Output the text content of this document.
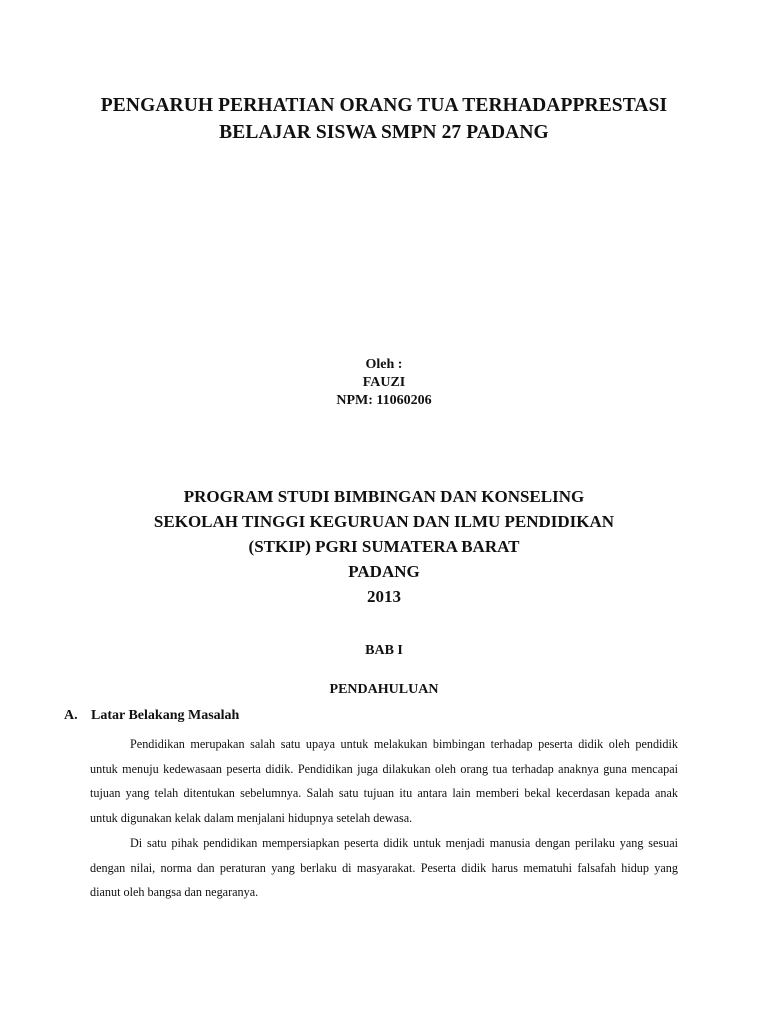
PENGARUH PERHATIAN ORANG TUA TERHADAPPRESTASI
BELAJAR SISWA SMPN 27 PADANG
Oleh :
FAUZI
NPM: 11060206
PROGRAM STUDI BIMBINGAN DAN KONSELING
SEKOLAH TINGGI KEGURUAN DAN ILMU PENDIDIKAN
(STKIP) PGRI SUMATERA BARAT
PADANG
2013
BAB I
PENDAHULUAN
A. Latar Belakang Masalah
Pendidikan merupakan salah satu upaya untuk melakukan bimbingan terhadap peserta didik oleh pendidik
untuk menuju kedewasaan peserta didik. Pendidikan juga dilakukan oleh orang tua terhadap anaknya guna mencapai
tujuan yang telah ditentukan sebelumnya. Salah satu tujuan itu antara lain memberi bekal kecerdasan kepada anak
untuk digunakan kelak dalam menjalani hidupnya setelah dewasa.
Di satu pihak pendidikan mempersiapkan peserta didik untuk menjadi manusia dengan perilaku yang sesuai
dengan nilai, norma dan peraturan yang berlaku di masyarakat. Peserta didik harus mematuhi falsafah hidup yang
dianut oleh bangsa dan negaranya.
